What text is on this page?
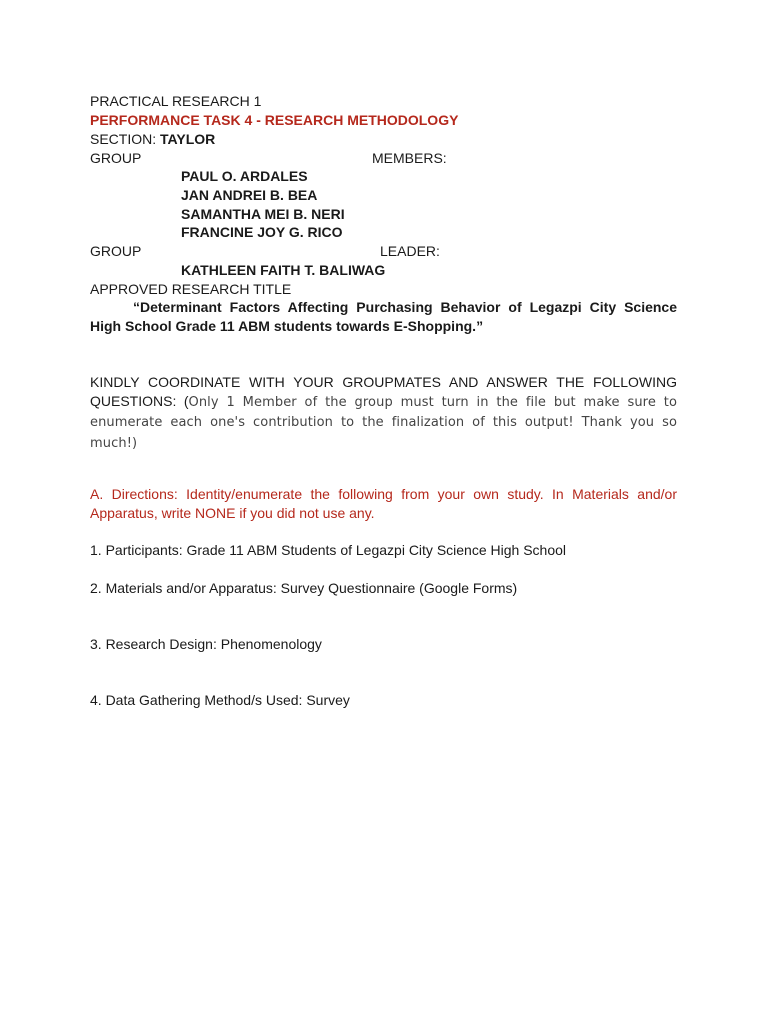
PRACTICAL RESEARCH 1
PERFORMANCE TASK 4 - RESEARCH METHODOLOGY
SECTION: TAYLOR
GROUP	MEMBERS:
PAUL O. ARDALES
JAN ANDREI B. BEA
SAMANTHA MEI B. NERI
FRANCINE JOY G. RICO
GROUP	LEADER:
KATHLEEN FAITH T. BALIWAG
APPROVED RESEARCH TITLE
“Determinant Factors Affecting Purchasing Behavior of Legazpi City Science High School Grade 11 ABM students towards E-Shopping.”
KINDLY COORDINATE WITH YOUR GROUPMATES AND ANSWER THE FOLLOWING QUESTIONS: (Only 1 Member of the group must turn in the file but make sure to enumerate each one's contribution to the finalization of this output! Thank you so much!)
A. Directions: Identity/enumerate the following from your own study. In Materials and/or Apparatus, write NONE if you did not use any.
1. Participants: Grade 11 ABM Students of Legazpi City Science High School
2. Materials and/or Apparatus: Survey Questionnaire (Google Forms)
3. Research Design: Phenomenology
4. Data Gathering Method/s Used: Survey
